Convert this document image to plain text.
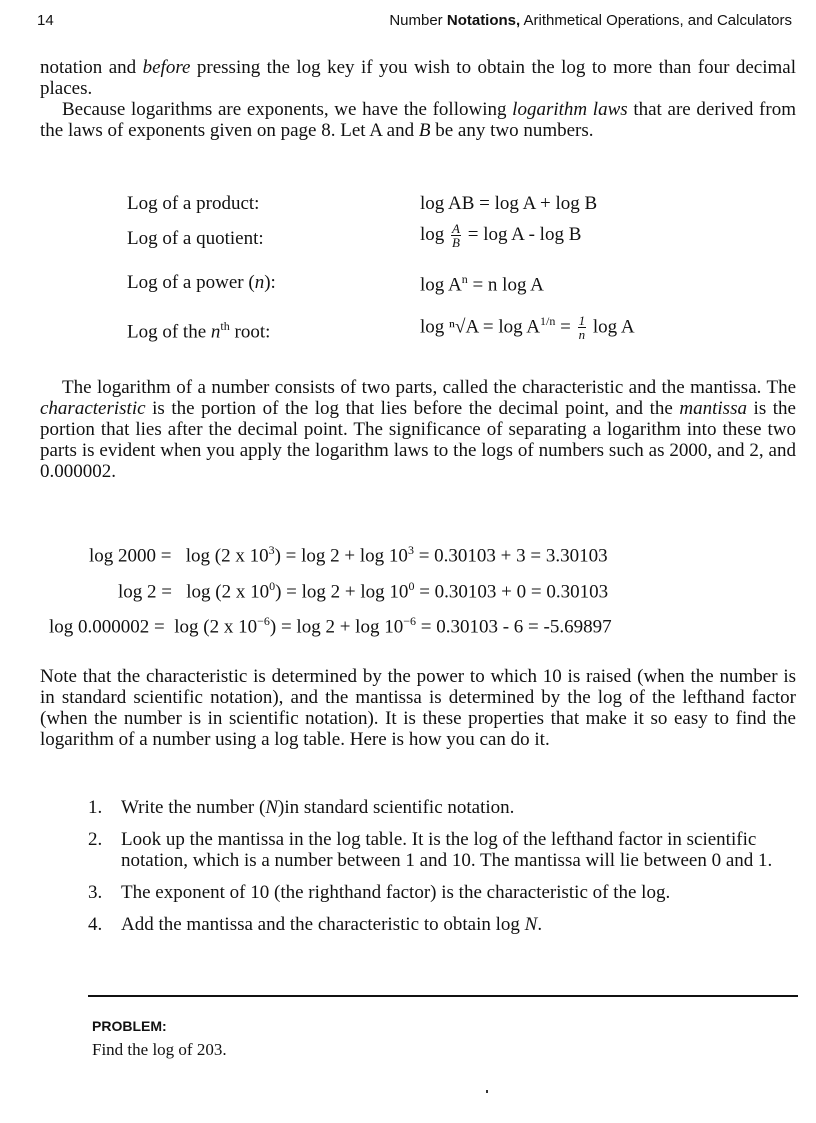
14	Number Notations, Arithmetical Operations, and Calculators

notation and before pressing the log key if you wish to obtain the log to more than four decimal places.

Because logarithms are exponents, we have the following logarithm laws that are derived from the laws of exponents given on page 8. Let A and B be any two numbers.

Log of a product:	log AB = log A + log B
Log of a quotient:	$\log \frac{A}{B} = \log A - \log B$
Log of a power (n):	$\log A^n = n$ log A
Log of the $n^{th}$ root:	$\log ^n√A = \log A^{1/n} = \frac{1}{n}$ log A

The logarithm of a number consists of two parts, called the characteristic and the mantissa. The characteristic is the portion of the log that lies before the decimal point, and the mantissa is the portion that lies after the decimal point. The significance of separating a logarithm into these two parts is evident when you apply the logarithm laws to the logs of numbers such as 2000, and 2, and 0.000002.

log 2000 = log (2 x $10^3) = \log 2 + \log 10^3 = 0.30103 + 3 = 3.30103$
log 2 = log (2 x $10^0) = \log 2 + \log 10^0 = 0.30103 + 0 = 0.30103$
log 0.000002 = log (2 x $10^{-6}) = \log 2 + \log 10^{-6} = 0.30103 - 6 = -5.69897$

Note that the characteristic is determined by the power to which 10 is raised (when the number is in standard scientific notation), and the mantissa is determined by the log of the lefthand factor (when the number is in scientific notation). It is these properties that make it so easy to find the logarithm of a number using a log table. Here is how you can do it.

1. Write the number (N)in standard scientific notation.
2. Look up the mantissa in the log table. It is the log of the lefthand factor in scientific notation, which is a number between 1 and 10. The mantissa will lie between 0 and 1.
3. The exponent of 10 (the righthand factor) is the characteristic of the log.
4. Add the mantissa and the characteristic to obtain log N.
PROBLEM:
Find the log of 203.
